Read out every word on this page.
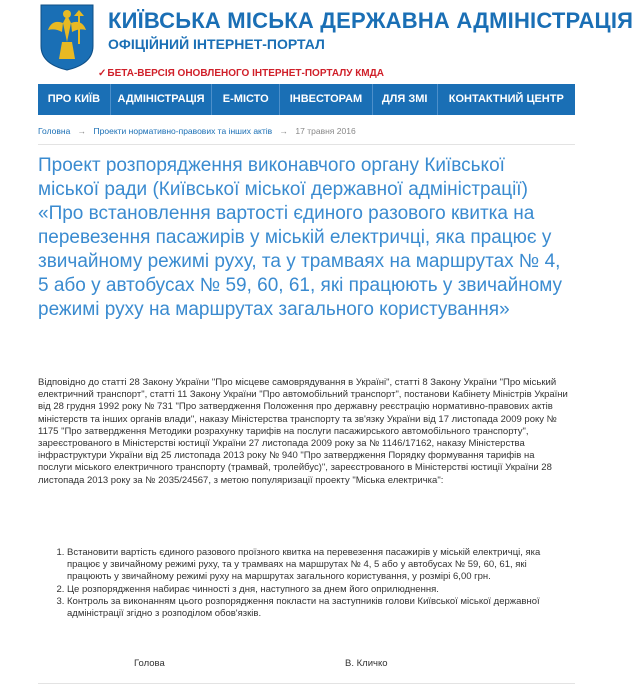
КИЇВСЬКА МІСЬКА ДЕРЖАВНА АДМІНІСТРАЦІЯ
ОФІЦІЙНИЙ ІНТЕРНЕТ-ПОРТАЛ
✓БЕТА-ВЕРСІЯ ОНОВЛЕНОГО ІНТЕРНЕТ-ПОРТАЛУ КМДА
ПРО КИЇВ	АДМІНІСТРАЦІЯ	Е-МІСТО	ІНВЕСТОРАМ	ДЛЯ ЗМІ	КОНТАКТНИЙ ЦЕНТР
Головна → Проекти нормативно-правових та інших актів → 17 травня 2016
Проект розпорядження виконавчого органу Київської міської ради (Київської міської державної адміністрації) «Про встановлення вартості єдиного разового квитка на перевезення пасажирів у міській електричці, яка працює у звичайному режимі руху, та у трамваях на маршрутах № 4, 5 або у автобусах № 59, 60, 61, які працюють у звичайному режимі руху на маршрутах загального користування»

Відповідно до статті 28 Закону України "Про місцеве самоврядування в Україні", статті 8 Закону України "Про міський електричний транспорт", статті 11 Закону України "Про автомобільний транспорт", постанови Кабінету Міністрів України від 28 грудня 1992 року № 731 "Про затвердження Положення про державну реєстрацію нормативно-правових актів міністерств та інших органів влади", наказу Міністерства транспорту та зв'язку України від 17 листопада 2009 року № 1175 "Про затвердження Методики розрахунку тарифів на послуги пасажирського автомобільного транспорту", зареєстрованого в Міністерстві юстиції України 27 листопада 2009 року за № 1146/17162, наказу Міністерства інфраструктури України від 25 листопада 2013 року № 940 "Про затвердження Порядку формування тарифів на послуги міського електричного транспорту (трамвай, тролейбус)", зареєстрованого в Міністерстві юстиції України 28 листопада 2013 року за № 2035/24567, з метою популяризації проекту "Міська електричка":

1. Встановити вартість єдиного разового проїзного квитка на перевезення пасажирів у міській електричці, яка працює у звичайному режимі руху, та у трамваях на маршрутах № 4, 5 або у автобусах № 59, 60, 61, які працюють у звичайному режимі руху на маршрутах загального користування, у розмірі 6,00 грн.
2. Це розпорядження набирає чинності з дня, наступного за днем його оприлюднення.
3. Контроль за виконанням цього розпорядження покласти на заступників голови Київської міської державної адміністрації згідно з розподілом обов'язків.
Голова	В. Кличко
